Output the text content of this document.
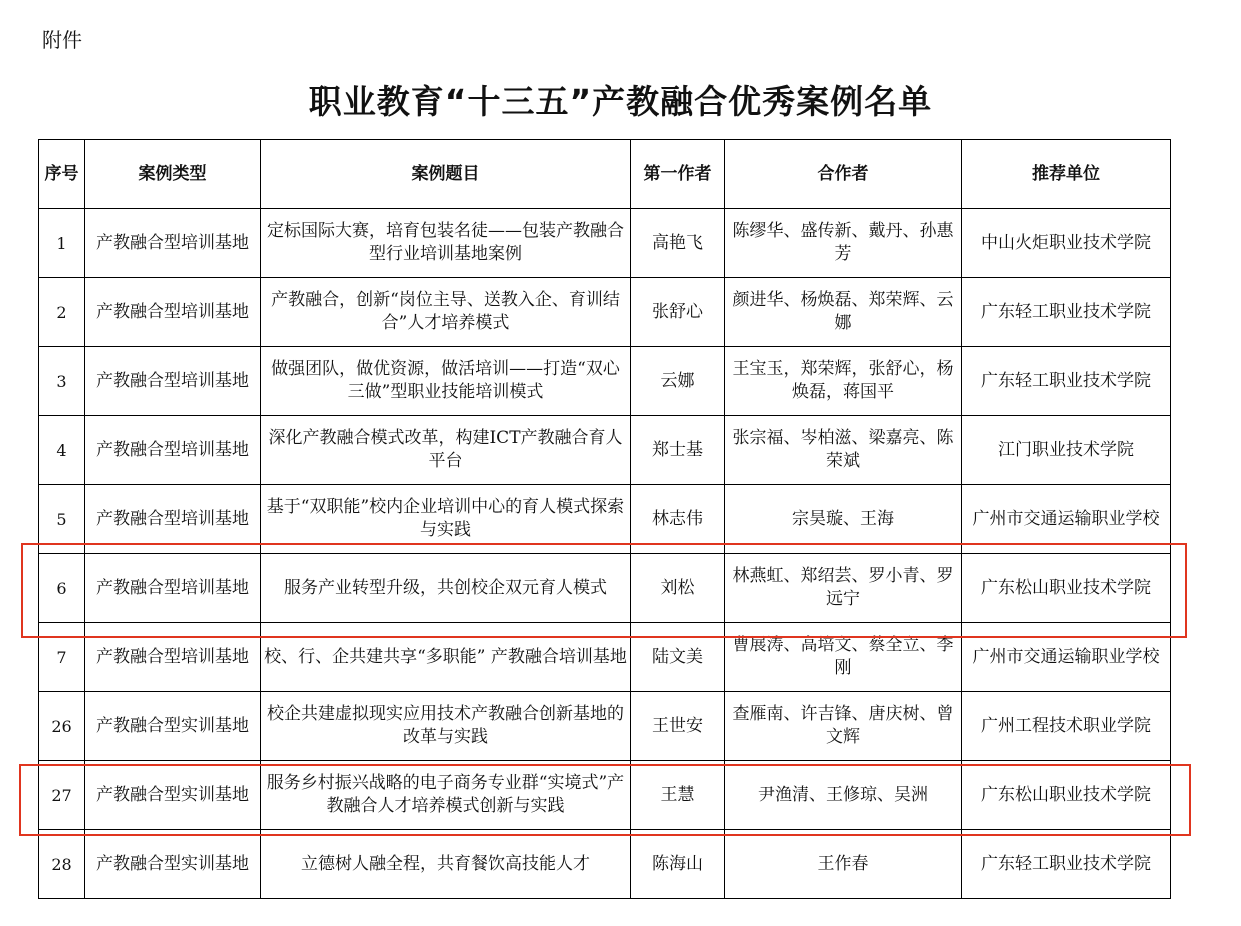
附件
职业教育“十三五”产教融合优秀案例名单
序号	案例类型	案例题目	第一作者	合作者	推荐单位
1	产教融合型培训基地	定标国际大赛，培育包装名徒——包装产教融合型行业培训基地案例	高艳飞	陈缪华、盛传新、戴丹、孙惠芳	中山火炬职业技术学院
2	产教融合型培训基地	产教融合，创新“岗位主导、送教入企、育训结合”人才培养模式	张舒心	颜进华、杨焕磊、郑荣辉、云娜	广东轻工职业技术学院
3	产教融合型培训基地	做强团队，做优资源，做活培训——打造“双心三做”型职业技能培训模式	云娜	王宝玉，郑荣辉，张舒心，杨焕磊，蒋国平	广东轻工职业技术学院
4	产教融合型培训基地	深化产教融合模式改革，构建ICT产教融合育人平台	郑士基	张宗福、岑柏滋、梁嘉亮、陈荣斌	江门职业技术学院
5	产教融合型培训基地	基于“双职能”校内企业培训中心的育人模式探索与实践	林志伟	宗昊璇、王海	广州市交通运输职业学校
6	产教融合型培训基地	服务产业转型升级，共创校企双元育人模式	刘松	林燕虹、郑绍芸、罗小青、罗远宁	广东松山职业技术学院
7	产教融合型培训基地	校、行、企共建共享“多职能” 产教融合培训基地	陆文美	曹展涛、高培文、蔡全立、李刚	广州市交通运输职业学校
26	产教融合型实训基地	校企共建虚拟现实应用技术产教融合创新基地的改革与实践	王世安	查雁南、许吉锋、唐庆树、曾文辉	广州工程技术职业学院
27	产教融合型实训基地	服务乡村振兴战略的电子商务专业群“实境式”产教融合人才培养模式创新与实践	王慧	尹渔清、王修琼、吴洲	广东松山职业技术学院
28	产教融合型实训基地	立德树人融全程，共育餐饮高技能人才	陈海山	王作春	广东轻工职业技术学院
